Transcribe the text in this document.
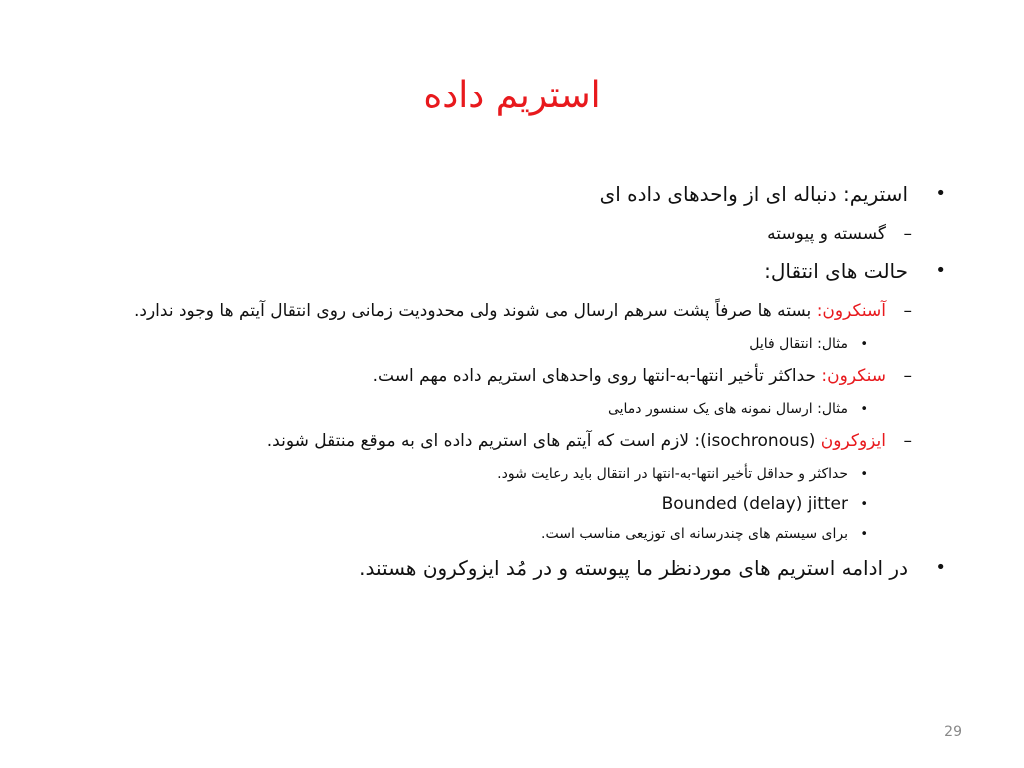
استریم داده
•
استریم: دنباله ای از واحدهای داده ای
–
گسسته و پیوسته
•
حالت های انتقال:
–
آسنکرون: بسته ها صرفاً پشت سرهم ارسال می شوند ولی محدودیت زمانی روی انتقال آیتم ها وجود ندارد.
•
مثال: انتقال فایل
–
سنکرون: حداکثر تأخیر انتها-به-انتها روی واحدهای استریم داده مهم است.
•
مثال: ارسال نمونه های یک سنسور دمایی
–
ایزوکرون (isochronous): لازم است که آیتم های استریم داده ای به موقع منتقل شوند.
•
حداکثر و حداقل تأخیر انتها-به-انتها در انتقال باید رعایت شود.
•
Bounded (delay) jitter
•
برای سیستم های چندرسانه ای توزیعی مناسب است.
•
در ادامه استریم های موردنظر ما پیوسته و در مُد ایزوکرون هستند.
29
